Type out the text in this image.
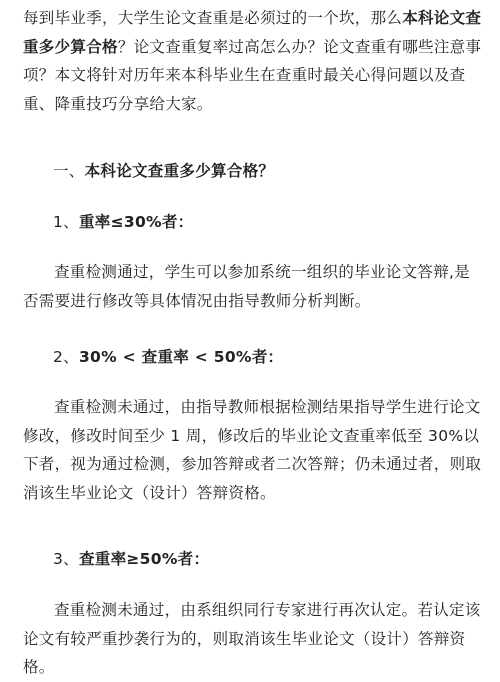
每到毕业季，大学生论文查重是必须过的一个坎，那么本科论文查重多少算合格？论文查重复率过高怎么办？论文查重有哪些注意事项？本文将针对历年来本科毕业生在查重时最关心得问题以及查重、降重技巧分享给大家。

一、本科论文查重多少算合格？

1、重率≤30%者：

查重检测通过，学生可以参加系统一组织的毕业论文答辩,是否需要进行修改等具体情况由指导教师分析判断。

2、30% < 查重率 < 50%者：

查重检测未通过，由指导教师根据检测结果指导学生进行论文修改，修改时间至少 1 周，修改后的毕业论文查重率低至 30%以下者，视为通过检测，参加答辩或者二次答辩；仍未通过者，则取消该生毕业论文（设计）答辩资格。

3、查重率≥50%者：

查重检测未通过，由系组织同行专家进行再次认定。若认定该论文有较严重抄袭行为的，则取消该生毕业论文（设计）答辩资格。
